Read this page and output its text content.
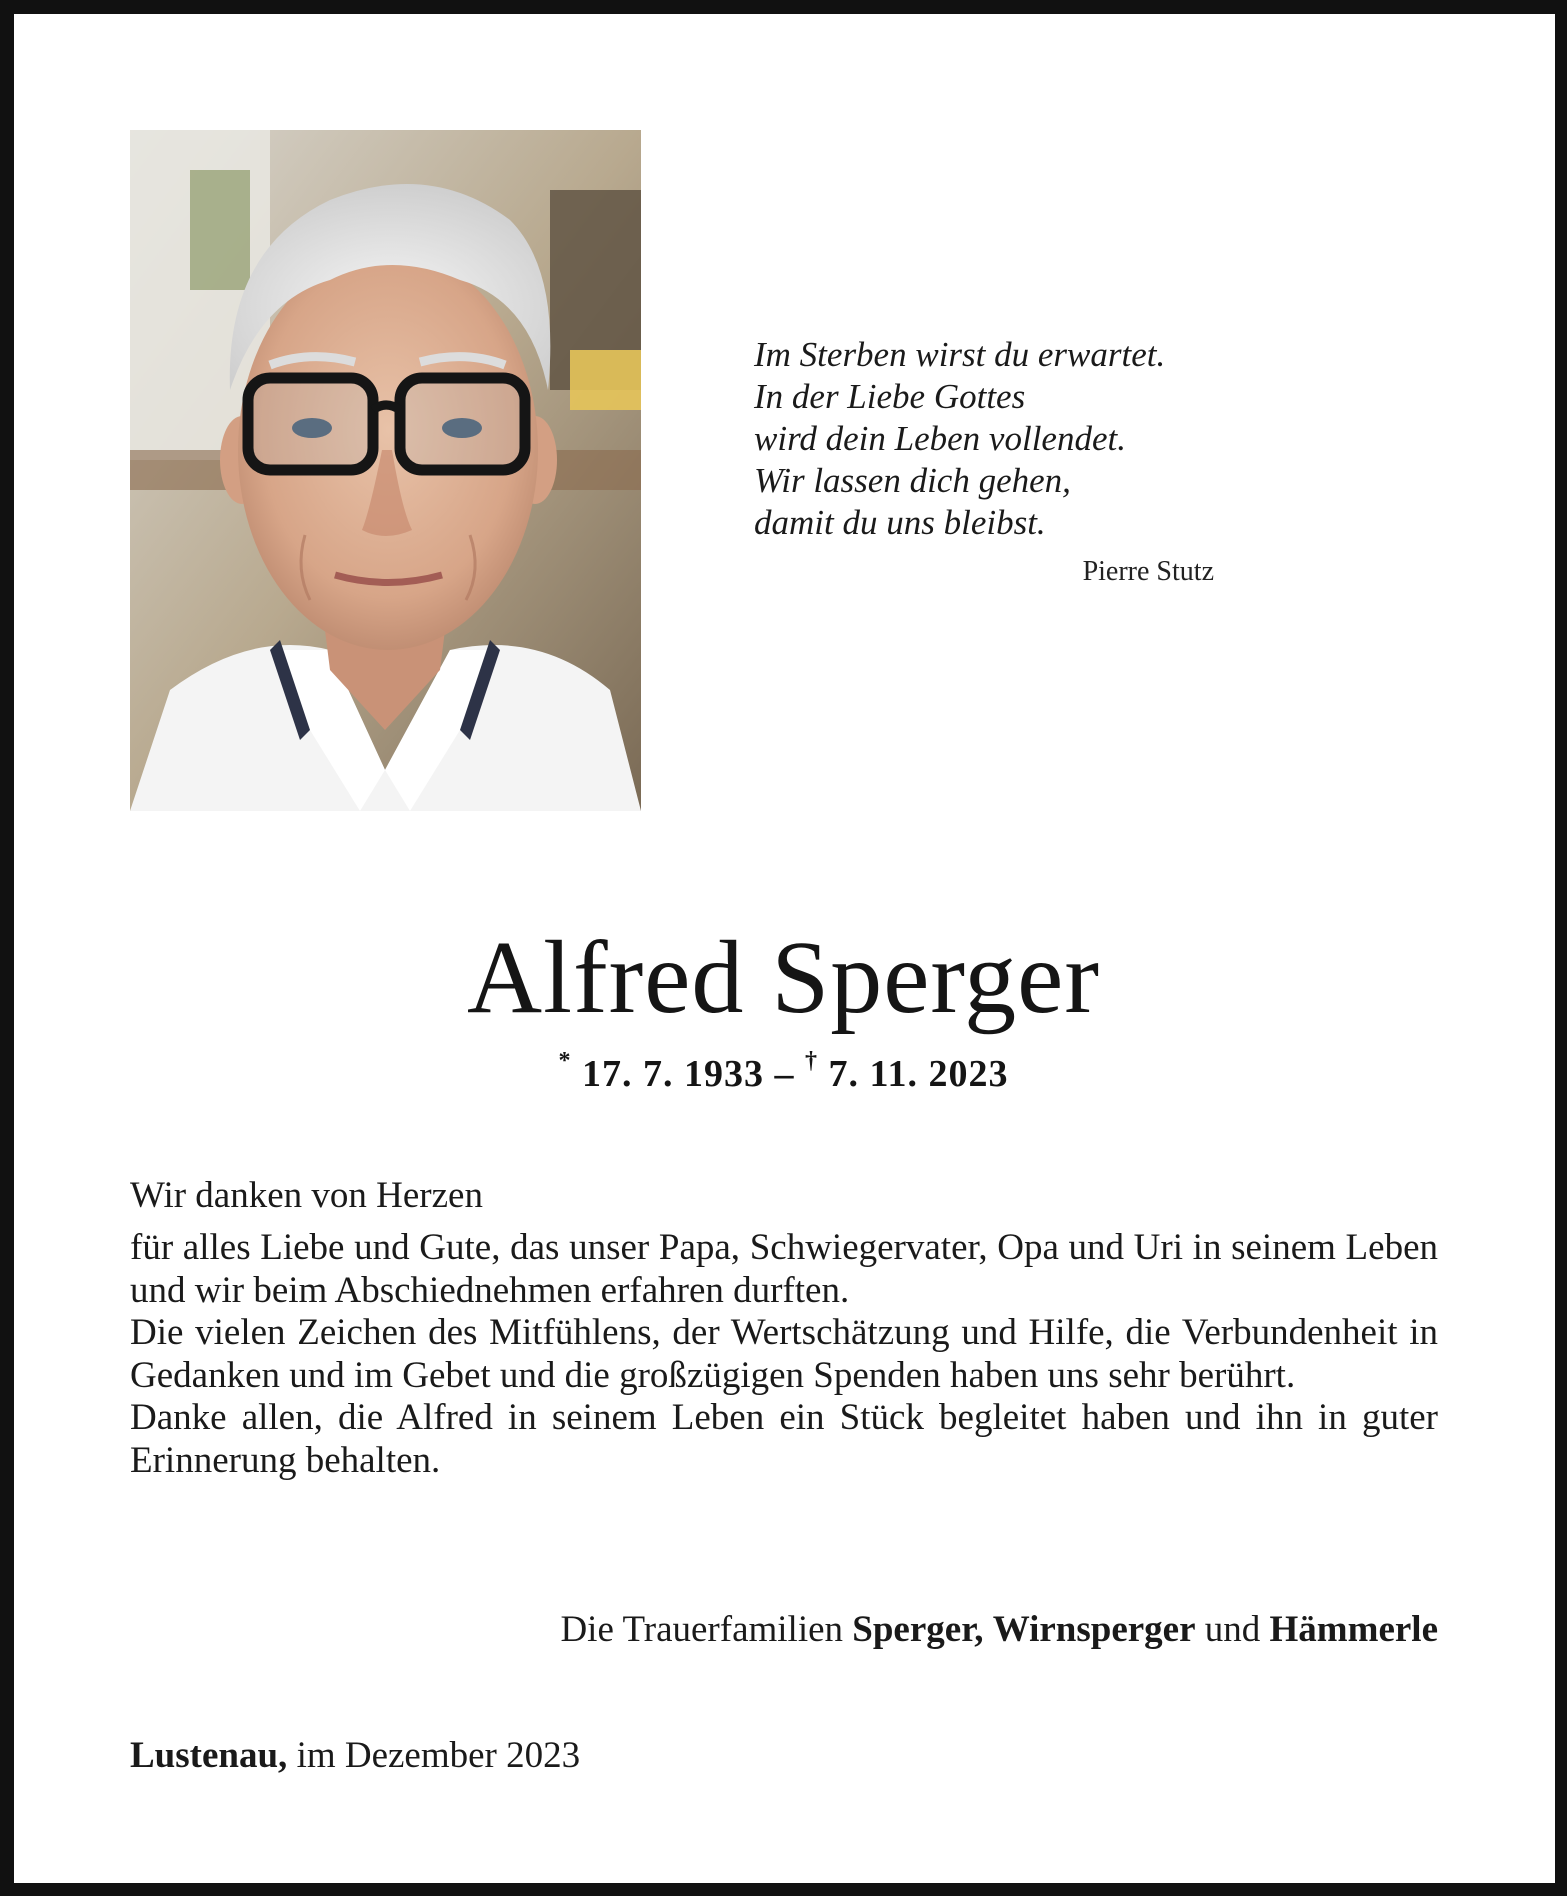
Im Sterben wirst du erwartet.
In der Liebe Gottes
wird dein Leben vollendet.
Wir lassen dich gehen,
damit du uns bleibst.
Pierre Stutz
Alfred Sperger
* 17. 7. 1933 – † 7. 11. 2023
Wir danken von Herzen

für alles Liebe und Gute, das unser Papa, Schwiegervater, Opa und Uri in seinem Leben und wir beim Abschiednehmen erfahren durften.

Die vielen Zeichen des Mitfühlens, der Wertschätzung und Hilfe, die Verbundenheit in Gedanken und im Gebet und die großzügigen Spenden haben uns sehr berührt.

Danke allen, die Alfred in seinem Leben ein Stück begleitet haben und ihn in guter Erinnerung behalten.

Die Trauerfamilien Sperger, Wirnsperger und Hämmerle
Lustenau, im Dezember 2023
